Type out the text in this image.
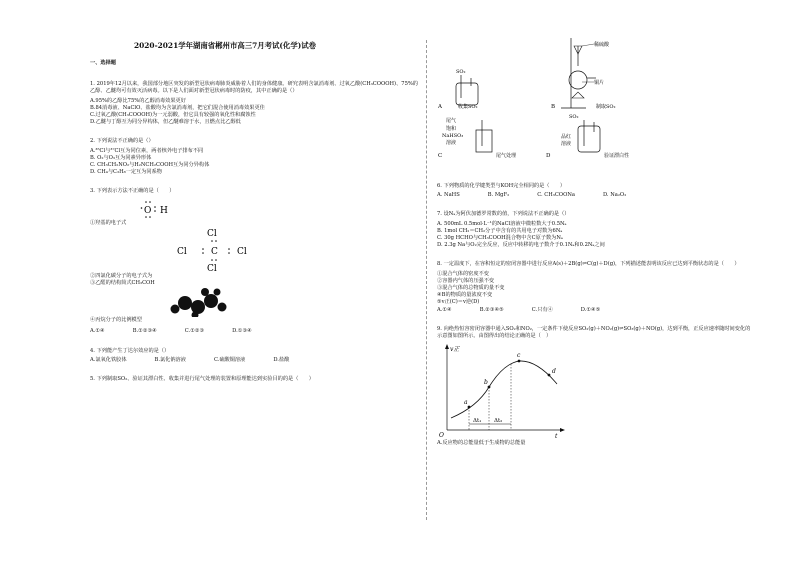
2020-2021学年湖南省郴州市高三7月考试(化学)试卷
一、选择题
1. 2019年12月以来，我国部分地区突发的新型冠状病毒肺炎威胁着人们的身体健康。研究表明含氯消毒剂、过氧乙酸(CH₃COOOH)、75%的乙醇、乙醚均可有效灭活病毒。以下是人们面对新型冠状病毒时的防疫，其中正确的是（）
A.95%的乙醇比75%的乙醇消毒效果更好
B.84消毒液、NaClO、盐酸均为含氯消毒剂，把它们混合使用消毒效果更佳
C.过氧乙酸(CH₃COOOH)为一元弱酸，但它具有较强的氧化性和腐蚀性
D.乙醚与丁醇互为同分异构体，但乙醚难溶于水，且燃点比乙醇低
2. 下列说法不正确的是（）
A.³⁵Cl与³⁷Cl互为同位素，两者核外电子排布不同
B. O₂与O₃互为同素异形体
C. CH₃CH₂NO₂与H₂NCH₂COOH互为同分异构体
D. CH₄与C₃H₈一定互为同系物
3. 下列表示方法不正确的是（　　）
O H
①羟基的电子式
Cl
Cl	C Cl
Cl
②四氯化碳分子的电子式为
③乙醛的结构简式CH₃COH
④丙烷分子的比例模型
A.①④	B.①②③④	C.①②③	D.①③④
4. 下列能产生丁达尔效应的是（）
A.氯氧化铁胶体	B.氯化钠溶液	C.硫酸铜溶液	D.盐酸
5. 下列制取SO₂、验证其漂白性、收集并进行尾气处理的装置和原理能达到实验目的的是（　　）
SO₂
A	收集SO₂
稀硫酸
铜片
B	制取SO₂
尾气
饱和
NaHSO₃
溶液
C	尾气处理
SO₂
品红
溶液
D	验证漂白性
6. 下列物质的化学键类型与KOH完全相同的是（　　）
A. NaHS	B. MgF₂	C. CH₃COONa	D. Na₂O₂
7. 设Nₐ为阿伏加德罗常数的值，下列说法不正确的是（）
A. 500mL 0.5mol·L⁻¹的NaCl溶液中微粒数大于0.5Nₐ
B. 1mol CH₂＝CH₂分子中含有的共用电子对数为6Nₐ
C. 30g HCHO与CH₃COOH混合物中含C原子数为Nₐ
D. 2.3g Na与O₂完全反应，反应中转移的电子数介于0.1Nₐ和0.2Nₐ之间
8. 一定温度下，在容积恒定的密闭容器中进行反应A(s)＋2B(g)⇌C(g)＋D(g)，下列描述能表明该反应已达到平衡状态的是（　　）
①混合气体的密度不变
②容器内气体的压强不变
③混合气体的总物质的量不变
④B的物质的量浓度不变
⑤v正(C)＝v逆(D)
A.①④	B.②③④⑤	C.只有④	D.①④⑤
9. 向绝热恒容密闭容器中通入SO₂和NO₂，一定条件下使反应SO₂(g)＋NO₂(g)⇌SO₃(g)＋NO(g)，达到平衡，正反应速率随时间变化的示意图如图所示。由图得出的结论正确的是（　）
v正
t
O
a
b
c
d
Δt₁ Δt₂
A.反应物的总能量低于生成物的总能量
